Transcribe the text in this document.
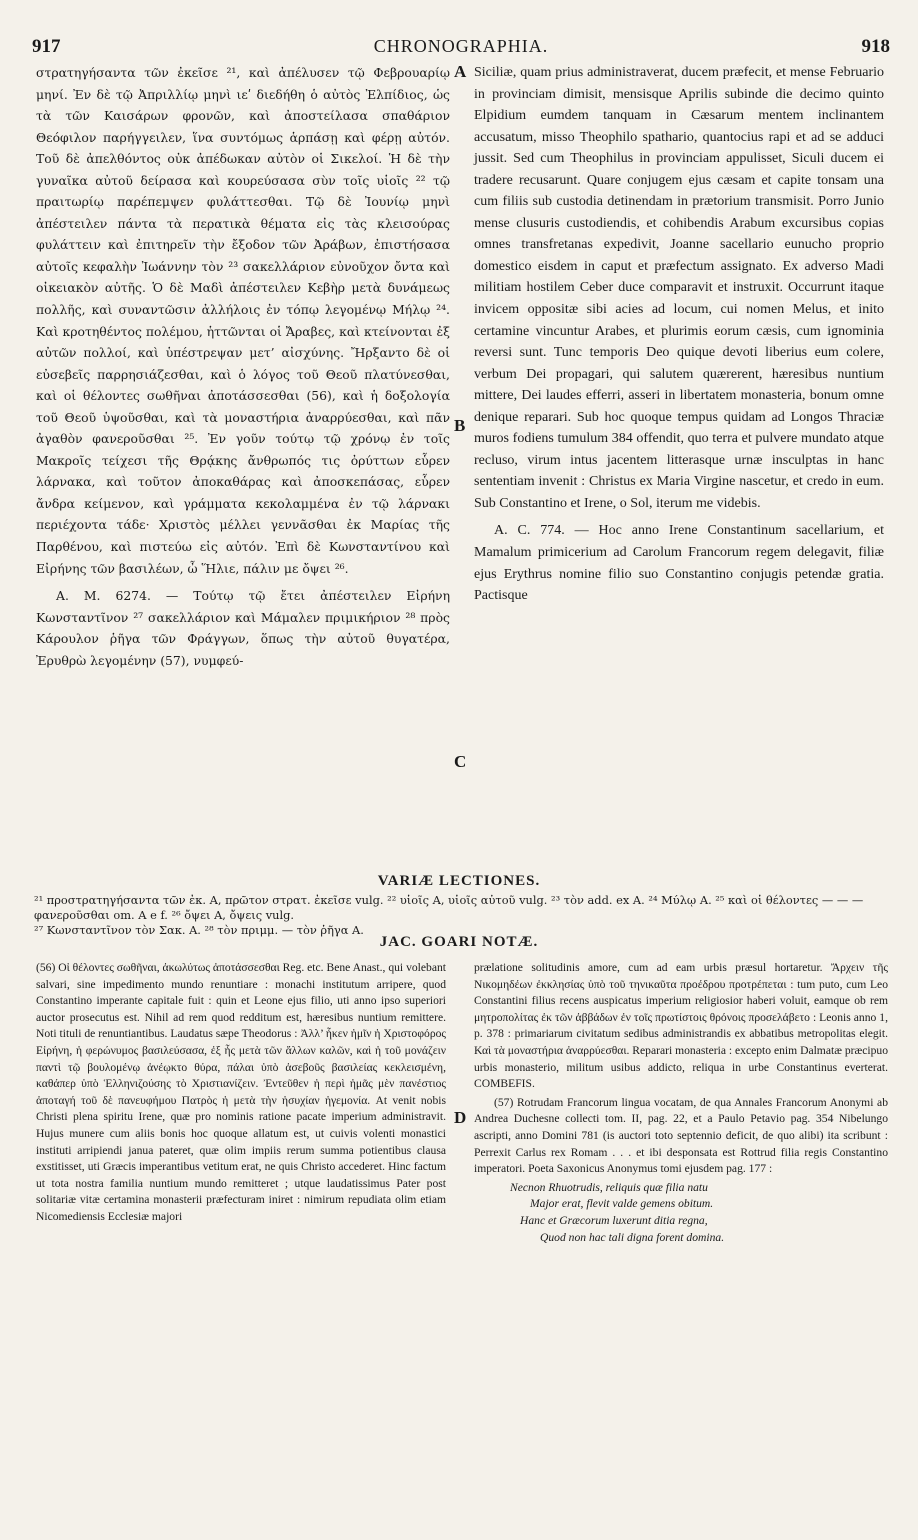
917	CHRONOGRAPHIA.	918

στρατηγήσαντα τῶν ἐκεῖσε ²¹, καὶ ἀπέλυσεν τῷ Φεβρουαρίῳ μηνί. Ἐν δὲ τῷ Ἀπριλλίῳ μηνὶ ιεʹ διεδήθη ὁ αὐτὸς Ἐλπίδιος, ὡς τὰ τῶν Καισάρων φρονῶν, καὶ ἀποστείλασα σπαθάριον Θεόφιλον παρήγγειλεν, ἵνα συντόμως ἁρπάσῃ καὶ φέρῃ αὐτόν. Τοῦ δὲ ἀπελθόντος οὐκ ἀπέδωκαν αὐτὸν οἱ Σικελοί. Ἡ δὲ τὴν γυναῖκα αὐτοῦ δείρασα καὶ κουρεύσασα σὺν τοῖς υἱοῖς ²² τῷ πραιτωρίῳ παρέπεμψεν φυλάττεσθαι. Τῷ δὲ Ἰουνίῳ μηνὶ ἀπέστειλεν πάντα τὰ περατικὰ θέματα εἰς τὰς κλεισούρας φυλάττειν καὶ ἐπιτηρεῖν τὴν ἔξοδον τῶν Ἀράβων, ἐπιστήσασα αὐτοῖς κεφαλὴν Ἰωάννην τὸν ²³ σακελλάριον εὐνοῦχον ὄντα καὶ οἰκειακὸν αὐτῆς. Ὁ δὲ Μαδὶ ἀπέστειλεν Κεβὴρ μετὰ δυνάμεως πολλῆς, καὶ συναντῶσιν ἀλλήλοις ἐν τόπῳ λεγομένῳ Μήλῳ ²⁴. Καὶ κροτηθέντος πολέμου, ἡττῶνται οἱ Ἄραβες, καὶ κτείνονται ἐξ αὐτῶν πολλοί, καὶ ὑπέστρεψαν μετ’ αἰσχύνης. Ἤρξαντο δὲ οἱ εὐσεβεῖς παρρησιάζεσθαι, καὶ ὁ λόγος τοῦ Θεοῦ πλατύνεσθαι, καὶ οἱ θέλοντες σωθῆναι ἀποτάσσεσθαι (56), καὶ ἡ δοξολογία τοῦ Θεοῦ ὑψοῦσθαι, καὶ τὰ μοναστήρια ἀναρρύεσθαι, καὶ πᾶν ἀγαθὸν φανεροῦσθαι ²⁵. Ἐν γοῦν τούτῳ τῷ χρόνῳ ἐν τοῖς Μακροῖς τείχεσι τῆς Θρᾴκης ἄνθρωπός τις ὀρύττων εὗρεν λάρνακα, καὶ τοῦτον ἀποκαθάρας καὶ ἀποσκεπάσας, εὗρεν ἄνδρα κείμενον, καὶ γράμματα κεκολαμμένα ἐν τῷ λάρνακι περιέχοντα τάδε· Χριστὸς μέλλει γεννᾶσθαι ἐκ Μαρίας τῆς Παρθένου, καὶ πιστεύω εἰς αὐτόν. Ἐπὶ δὲ Κωνσταντίνου καὶ Εἰρήνης τῶν βασιλέων, ὦ Ἥλιε, πάλιν με ὄψει ²⁶.

A. M. 6274. — Τούτῳ τῷ ἔτει ἀπέστειλεν Εἰρήνη Κωνσταντῖνον ²⁷ σακελλάριον καὶ Μάμαλεν πριμικήριον ²⁸ πρὸς Κάρουλον ῥῆγα τῶν Φράγγων, ὅπως τὴν αὐτοῦ θυγατέρα, Ἐρυθρὼ λεγομένην (57), νυμφεύ-

Siciliæ, quam prius administraverat, ducem præfecit, et mense Februario in provinciam dimisit, mensisque Aprilis subinde die decimo quinto Elpidium eumdem tanquam in Cæsarum mentem inclinantem accusatum, misso Theophilo spathario, quantocius rapi et ad se adduci jussit. Sed cum Theophilus in provinciam appulisset, Siculi ducem ei tradere recusarunt. Quare conjugem ejus cæsam et capite tonsam una cum filiis sub custodia detinendam in prætorium transmisit. Porro Junio mense clusuris custodiendis, et cohibendis Arabum excursibus copias omnes transfretanas expedivit, Joanne sacellario eunucho proprio domestico eisdem in caput et præfectum assignato. Ex adverso Madi militiam hostilem Ceber duce comparavit et instruxit. Occurrunt itaque invicem oppositæ sibi acies ad locum, cui nomen Melus, et inito certamine vincuntur Arabes, et plurimis eorum cæsis, cum ignominia reversi sunt. Tunc temporis Deo quique devoti liberius eum colere, verbum Dei propagari, qui salutem quærerent, hæresibus nuntium mittere, Dei laudes efferri, asseri in libertatem monasteria, bonum omne denique reparari. Sub hoc quoque tempus quidam ad Longos Thraciæ muros fodiens tumulum 384 offendit, quo terra et pulvere mundato atque recluso, virum intus jacentem litterasque urnæ insculptas in hanc sententiam invenit : Christus ex Maria Virgine nascetur, et credo in eum. Sub Constantino et Irene, o Sol, iterum me videbis.

A. C. 774. — Hoc anno Irene Constantinum sacellarium, et Mamalum primicerium ad Carolum Francorum regem delegavit, filiæ ejus Erythrus nomine filio suo Constantino conjugis petendæ gratia. Pactisque

A
B
C
D
VARIÆ LECTIONES.

²¹ προστρατηγήσαντα τῶν ἐκ. A, πρῶτον στρατ. ἐκεῖσε vulg. ²² υἱοῖς A, υἱοῖς αὐτοῦ vulg. ²³ τὸν add. ex A. ²⁴ Μύλῳ A. ²⁵ καὶ οἱ θέλοντες — — — φανεροῦσθαι om. A e f. ²⁶ ὄψει A, ὄψεις vulg.

²⁷ Κωνσταντῖνον τὸν Σακ. A. ²⁸ τὸν πριμμ. — τὸν ῥῆγα A.

JAC. GOARI NOTÆ.

(56) Οἱ θέλοντες σωθῆναι, ἀκωλύτως ἀποτάσσεσθαι Reg. etc. Bene Anast., qui volebant salvari, sine impedimento mundo renuntiare : monachi institutum arripere, quod Constantino imperante capitale fuit : quin et Leone ejus filio, uti anno ipso superiori auctor prosecutus est. Nihil ad rem quod redditum est, hæresibus nuntium remittere. Noti tituli de renuntiantibus. Laudatus sæpe Theodorus : Ἀλλ’ ἧκεν ἡμῖν ἡ Χριστοφόρος Εἰρήνη, ἡ φερώνυμος βασιλεύσασα, ἐξ ἧς μετὰ τῶν ἄλλων καλῶν, καὶ ἡ τοῦ μονάζειν παντὶ τῷ βουλομένῳ ἀνέῳκτο θύρα, πάλαι ὑπὸ ἀσεβοῦς βασιλείας κεκλεισμένη, καθάπερ ὑπὸ Ἑλληνιζούσης τὸ Χριστιανίζειν. Ἐντεῦθεν ἡ περὶ ἡμᾶς μὲν πανέστιος ἀποταγή τοῦ δὲ πανευφήμου Πατρὸς ἡ μετὰ τὴν ἡσυχίαν ἡγεμονία. At venit nobis Christi plena spiritu Irene, quæ pro nominis ratione pacate imperium administravit. Hujus munere cum aliis bonis hoc quoque allatum est, ut cuivis volenti monastici instituti arripiendi janua pateret, quæ olim impiis rerum summa potientibus clausa exstitisset, uti Græcis imperantibus vetitum erat, ne quis Christo accederet. Hinc factum ut tota nostra familia nuntium mundo remitteret ; utque laudatissimus Pater post solitariæ vitæ certamina monasterii præfecturam iniret : nimirum repudiata olim etiam Nicomediensis Ecclesiæ majori

prælatione solitudinis amore, cum ad eam urbis præsul hortaretur. Ἄρχειν τῆς Νικομηδέων ἐκκλησίας ὑπὸ τοῦ τηνικαῦτα προέδρου προτρέπεται : tum puto, cum Leo Constantini filius recens auspicatus imperium religiosior haberi voluit, eamque ob rem μητροπολίτας ἐκ τῶν ἀββάδων ἐν τοῖς πρωτίστοις θρόνοις προσελάβετο : Leonis anno 1, p. 378 : primariarum civitatum sedibus administrandis ex abbatibus metropolitas elegit. Καὶ τὰ μοναστήρια ἀναρρύεσθαι. Reparari monasteria : excepto enim Dalmatæ præcipuo urbis monasterio, militum usibus addicto, reliqua in urbe Constantinus everterat. COMBEFIS.

(57) Rotrudam Francorum lingua vocatam, de qua Annales Francorum Anonymi ab Andrea Duchesne collecti tom. II, pag. 22, et a Paulo Petavio pag. 354 Nibelungo ascripti, anno Domini 781 (is auctori toto septennio deficit, de quo alibi) ita scribunt : Perrexit Carlus rex Romam . . . et ibi desponsata est Rottrud filia regis Constantino imperatori. Poeta Saxonicus Anonymus tomi ejusdem pag. 177 :

Necnon Rhuotrudis, reliquis quæ filia natu
Major erat, flevit valde gemens obitum.
Hanc et Græcorum luxerunt ditia regna,
Quod non hac tali digna forent domina.
